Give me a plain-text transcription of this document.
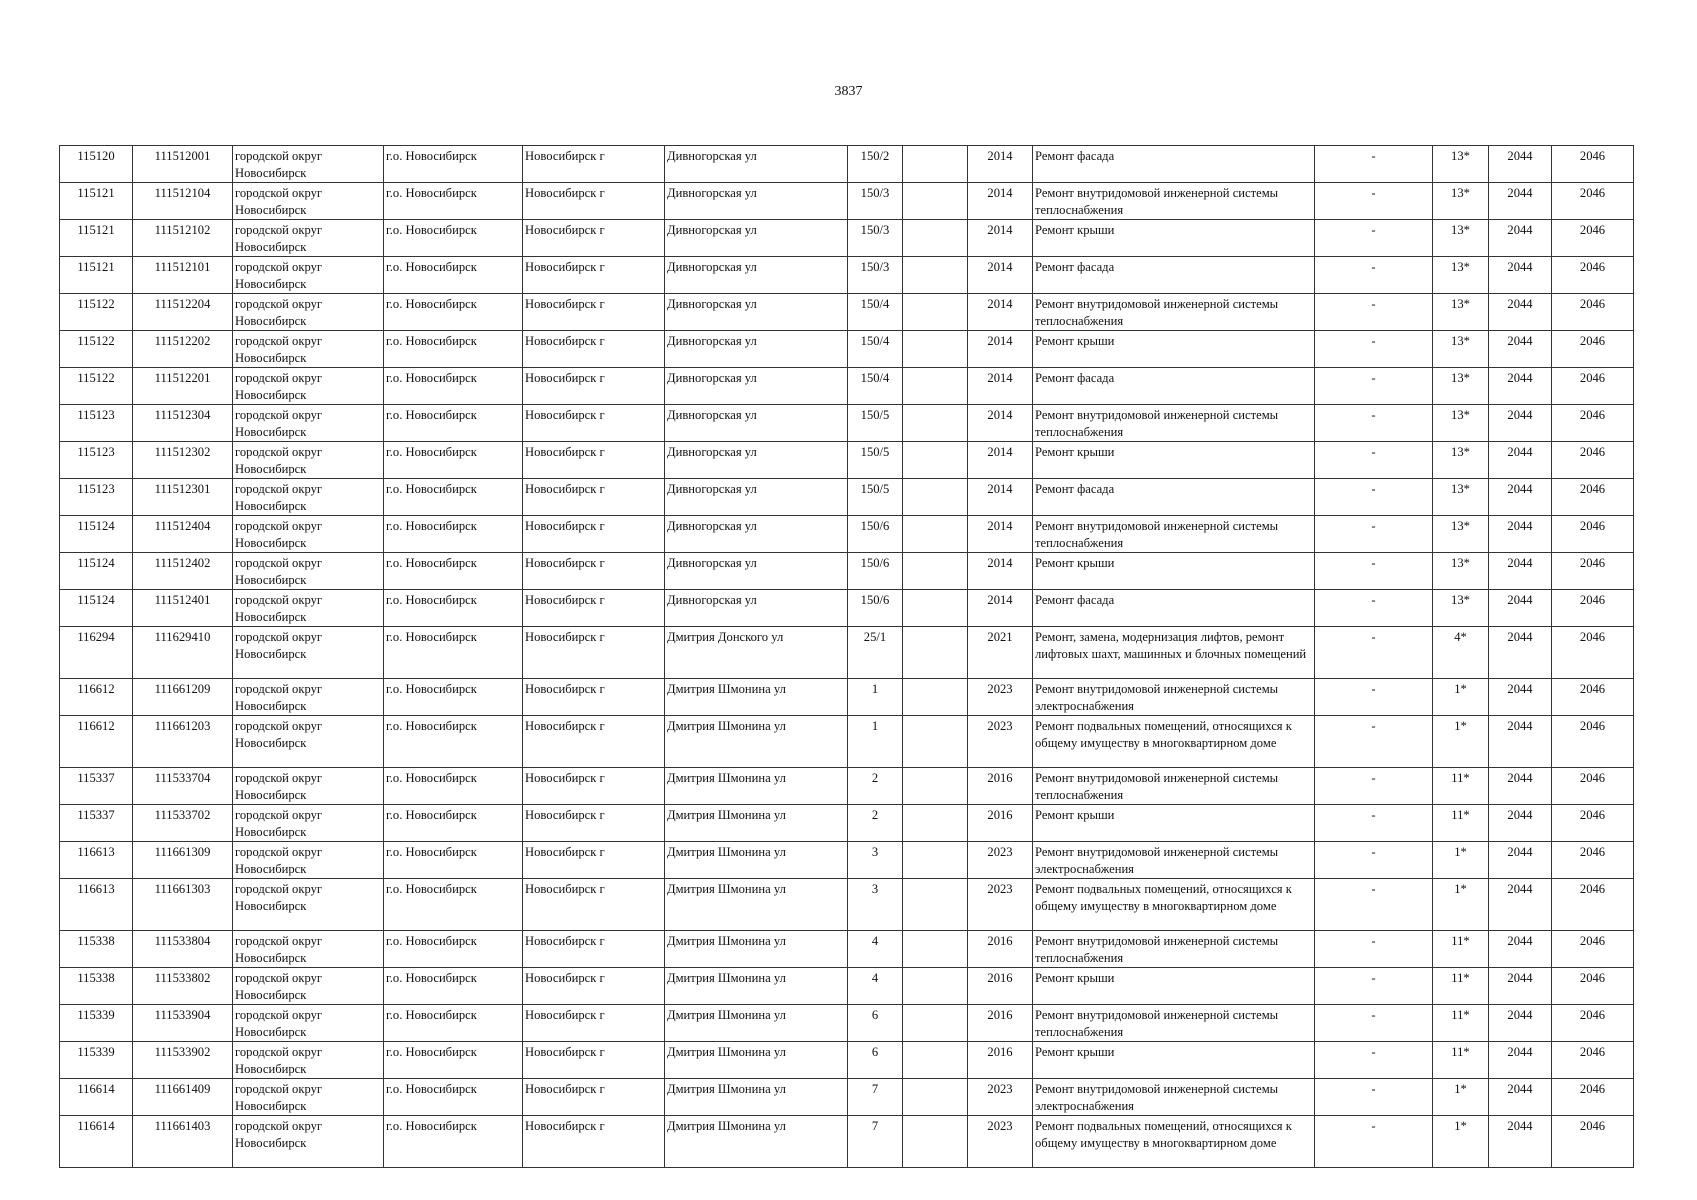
3837
115120	111512001	городской округ Новосибирск	г.о. Новосибирск	Новосибирск г	Дивногорская ул	150/2		2014	Ремонт фасада	-	13*	2044	2046
115121	111512104	городской округ Новосибирск	г.о. Новосибирск	Новосибирск г	Дивногорская ул	150/3		2014	Ремонт внутридомовой инженерной системы теплоснабжения	-	13*	2044	2046
115121	111512102	городской округ Новосибирск	г.о. Новосибирск	Новосибирск г	Дивногорская ул	150/3		2014	Ремонт крыши	-	13*	2044	2046
115121	111512101	городской округ Новосибирск	г.о. Новосибирск	Новосибирск г	Дивногорская ул	150/3		2014	Ремонт фасада	-	13*	2044	2046
115122	111512204	городской округ Новосибирск	г.о. Новосибирск	Новосибирск г	Дивногорская ул	150/4		2014	Ремонт внутридомовой инженерной системы теплоснабжения	-	13*	2044	2046
115122	111512202	городской округ Новосибирск	г.о. Новосибирск	Новосибирск г	Дивногорская ул	150/4		2014	Ремонт крыши	-	13*	2044	2046
115122	111512201	городской округ Новосибирск	г.о. Новосибирск	Новосибирск г	Дивногорская ул	150/4		2014	Ремонт фасада	-	13*	2044	2046
115123	111512304	городской округ Новосибирск	г.о. Новосибирск	Новосибирск г	Дивногорская ул	150/5		2014	Ремонт внутридомовой инженерной системы теплоснабжения	-	13*	2044	2046
115123	111512302	городской округ Новосибирск	г.о. Новосибирск	Новосибирск г	Дивногорская ул	150/5		2014	Ремонт крыши	-	13*	2044	2046
115123	111512301	городской округ Новосибирск	г.о. Новосибирск	Новосибирск г	Дивногорская ул	150/5		2014	Ремонт фасада	-	13*	2044	2046
115124	111512404	городской округ Новосибирск	г.о. Новосибирск	Новосибирск г	Дивногорская ул	150/6		2014	Ремонт внутридомовой инженерной системы теплоснабжения	-	13*	2044	2046
115124	111512402	городской округ Новосибирск	г.о. Новосибирск	Новосибирск г	Дивногорская ул	150/6		2014	Ремонт крыши	-	13*	2044	2046
115124	111512401	городской округ Новосибирск	г.о. Новосибирск	Новосибирск г	Дивногорская ул	150/6		2014	Ремонт фасада	-	13*	2044	2046
116294	111629410	городской округ Новосибирск	г.о. Новосибирск	Новосибирск г	Дмитрия Донского ул	25/1		2021	Ремонт, замена, модернизация лифтов, ремонт лифтовых шахт, машинных и блочных помещений	-	4*	2044	2046
116612	111661209	городской округ Новосибирск	г.о. Новосибирск	Новосибирск г	Дмитрия Шмонина ул	1		2023	Ремонт внутридомовой инженерной системы электроснабжения	-	1*	2044	2046
116612	111661203	городской округ Новосибирск	г.о. Новосибирск	Новосибирск г	Дмитрия Шмонина ул	1		2023	Ремонт подвальных помещений, относящихся к общему имуществу в многоквартирном доме	-	1*	2044	2046
115337	111533704	городской округ Новосибирск	г.о. Новосибирск	Новосибирск г	Дмитрия Шмонина ул	2		2016	Ремонт внутридомовой инженерной системы теплоснабжения	-	11*	2044	2046
115337	111533702	городской округ Новосибирск	г.о. Новосибирск	Новосибирск г	Дмитрия Шмонина ул	2		2016	Ремонт крыши	-	11*	2044	2046
116613	111661309	городской округ Новосибирск	г.о. Новосибирск	Новосибирск г	Дмитрия Шмонина ул	3		2023	Ремонт внутридомовой инженерной системы электроснабжения	-	1*	2044	2046
116613	111661303	городской округ Новосибирск	г.о. Новосибирск	Новосибирск г	Дмитрия Шмонина ул	3		2023	Ремонт подвальных помещений, относящихся к общему имуществу в многоквартирном доме	-	1*	2044	2046
115338	111533804	городской округ Новосибирск	г.о. Новосибирск	Новосибирск г	Дмитрия Шмонина ул	4		2016	Ремонт внутридомовой инженерной системы теплоснабжения	-	11*	2044	2046
115338	111533802	городской округ Новосибирск	г.о. Новосибирск	Новосибирск г	Дмитрия Шмонина ул	4		2016	Ремонт крыши	-	11*	2044	2046
115339	111533904	городской округ Новосибирск	г.о. Новосибирск	Новосибирск г	Дмитрия Шмонина ул	6		2016	Ремонт внутридомовой инженерной системы теплоснабжения	-	11*	2044	2046
115339	111533902	городской округ Новосибирск	г.о. Новосибирск	Новосибирск г	Дмитрия Шмонина ул	6		2016	Ремонт крыши	-	11*	2044	2046
116614	111661409	городской округ Новосибирск	г.о. Новосибирск	Новосибирск г	Дмитрия Шмонина ул	7		2023	Ремонт внутридомовой инженерной системы электроснабжения	-	1*	2044	2046
116614	111661403	городской округ Новосибирск	г.о. Новосибирск	Новосибирск г	Дмитрия Шмонина ул	7		2023	Ремонт подвальных помещений, относящихся к общему имуществу в многоквартирном доме	-	1*	2044	2046
